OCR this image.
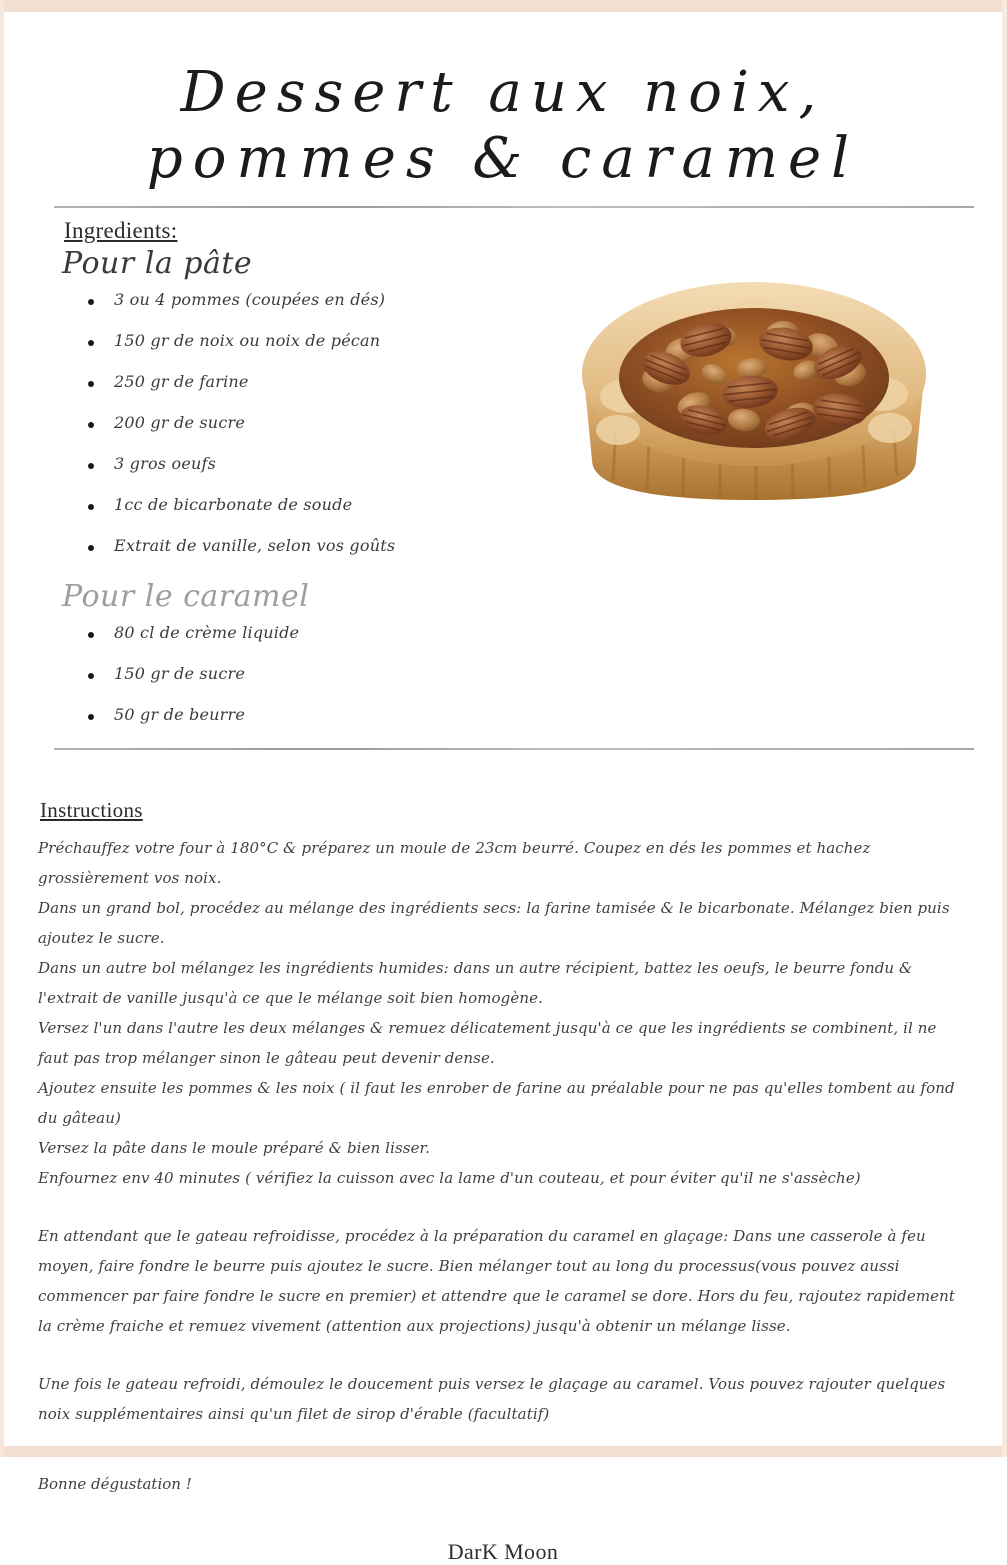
Dessert aux noix,
pommes & caramel
Ingredients:
Pour la pâte
3 ou 4 pommes (coupées en dés)
150 gr de noix ou noix de pécan
250 gr de farine
200 gr de sucre
3 gros oeufs
1cc de bicarbonate de soude
Extrait de vanille, selon vos goûts
Pour le caramel
80 cl de crème liquide
150 gr de sucre
50 gr de beurre
Instructions

Préchauffez votre four à 180°C & préparez un moule de 23cm beurré. Coupez en dés les pommes et hachez grossièrement vos noix.

Dans un grand bol, procédez au mélange des ingrédients secs: la farine tamisée & le bicarbonate. Mélangez bien puis ajoutez le sucre.

Dans un autre bol mélangez les ingrédients humides: dans un autre récipient, battez les oeufs, le beurre fondu & l'extrait de vanille jusqu'à ce que le mélange soit bien homogène.

Versez l'un dans l'autre les deux mélanges & remuez délicatement jusqu'à ce que les ingrédients se combinent, il ne faut pas trop mélanger sinon le gâteau peut devenir dense.

Ajoutez ensuite les pommes & les noix ( il faut les enrober de farine au préalable pour ne pas qu'elles tombent au fond du gâteau)

Versez la pâte dans le moule préparé & bien lisser.

Enfournez env 40 minutes ( vérifiez la cuisson avec la lame d'un couteau, et pour éviter qu'il ne s'assèche)

En attendant que le gateau refroidisse, procédez à la préparation du caramel en glaçage: Dans une casserole à feu moyen, faire fondre le beurre puis ajoutez le sucre. Bien mélanger tout au long du processus(vous pouvez aussi commencer par faire fondre le sucre en premier) et attendre que le caramel se dore. Hors du feu, rajoutez rapidement la crème fraiche et remuez vivement (attention aux projections) jusqu'à obtenir un mélange lisse.

Une fois le gateau refroidi, démoulez le doucement puis versez le glaçage au caramel. Vous pouvez rajouter quelques noix supplémentaires ainsi qu'un filet de sirop d'érable (facultatif)

Bonne dégustation !

DarK Moon
